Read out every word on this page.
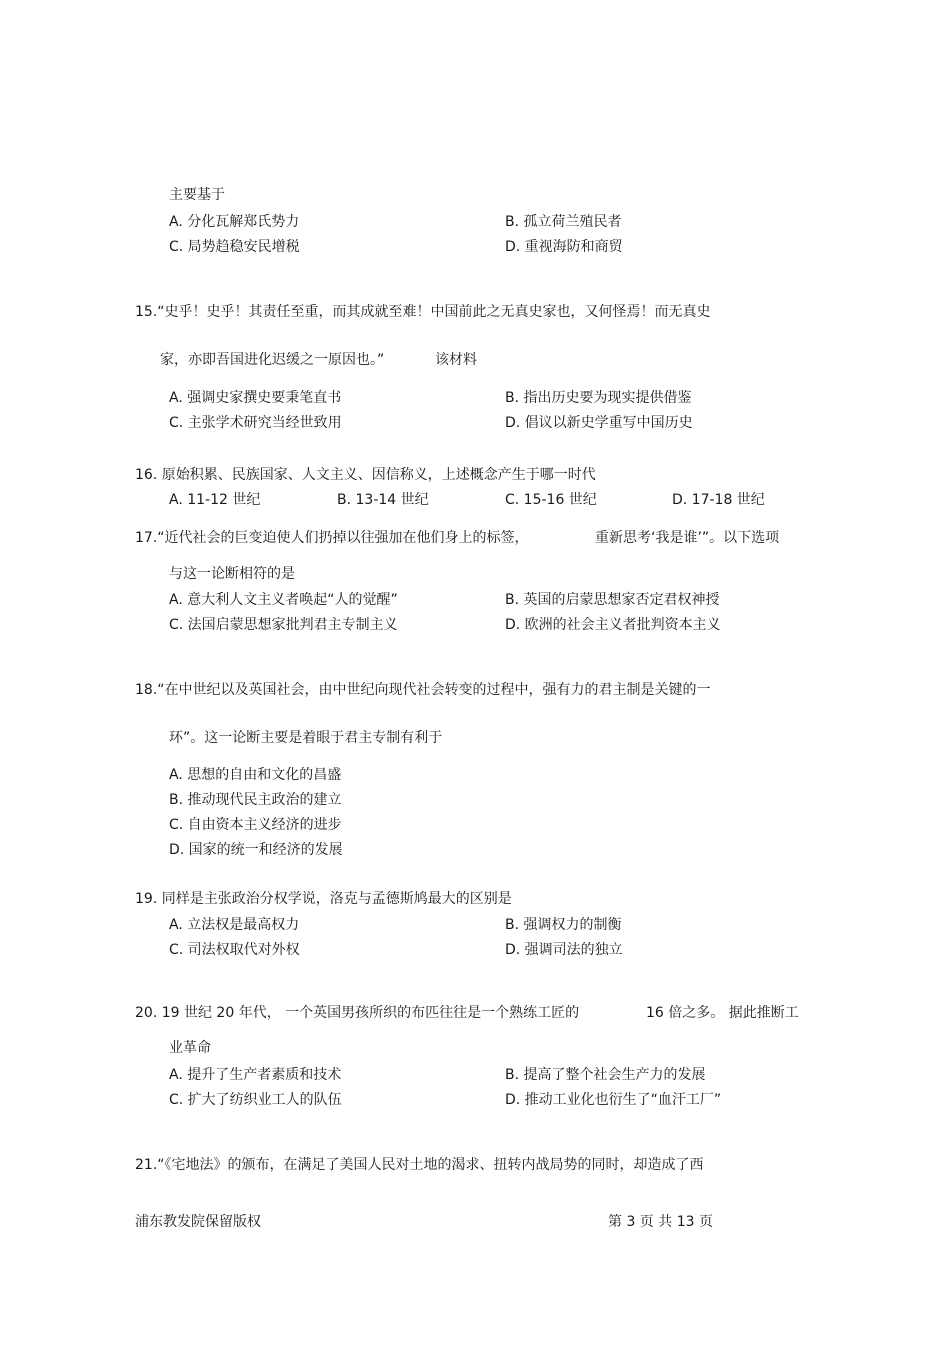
主要基于
A. 分化瓦解郑氏势力	B. 孤立荷兰殖民者
C. 局势趋稳安民增税	D. 重视海防和商贸
15.“史乎！史乎！其责任至重，而其成就至难！中国前此之无真史家也，又何怪焉！而无真史
家，亦即吾国进化迟缓之一原因也。”	该材料
A. 强调史家撰史要秉笔直书	B. 指出历史要为现实提供借鉴
C. 主张学术研究当经世致用	D. 倡议以新史学重写中国历史
16. 原始积累、民族国家、人文主义、因信称义，上述概念产生于哪一时代
A. 11-12 世纪	B. 13-14 世纪	C. 15-16 世纪	D. 17-18 世纪
17.“近代社会的巨变迫使人们扔掉以往强加在他们身上的标签，	重新思考‘我是谁’”。以下选项
与这一论断相符的是
A. 意大利人文主义者唤起“人的觉醒”	B. 英国的启蒙思想家否定君权神授
C. 法国启蒙思想家批判君主专制主义	D. 欧洲的社会主义者批判资本主义
18.“在中世纪以及英国社会，由中世纪向现代社会转变的过程中，强有力的君主制是关键的一
环”。这一论断主要是着眼于君主专制有利于
A. 思想的自由和文化的昌盛
B. 推动现代民主政治的建立
C. 自由资本主义经济的进步
D. 国家的统一和经济的发展
19. 同样是主张政治分权学说，洛克与孟德斯鸠最大的区别是
A. 立法权是最高权力	B. 强调权力的制衡
C. 司法权取代对外权	D. 强调司法的独立
20. 19 世纪 20 年代， 一个英国男孩所织的布匹往往是一个熟练工匠的	16 倍之多。 据此推断工
业革命
A. 提升了生产者素质和技术	B. 提高了整个社会生产力的发展
C. 扩大了纺织业工人的队伍	D. 推动工业化也衍生了“血汗工厂”
21.“《宅地法》的颁布，在满足了美国人民对土地的渴求、扭转内战局势的同时，却造成了西
浦东教发院保留版权	第 3 页 共 13 页
